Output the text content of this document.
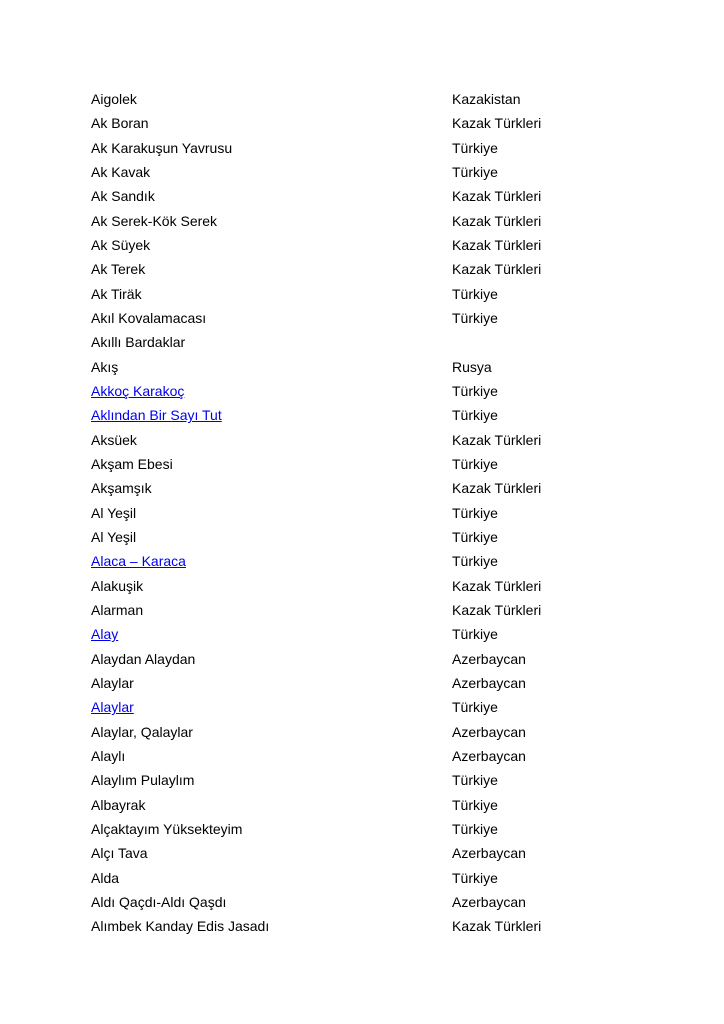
Aigolek	Kazakistan
Ak Boran	Kazak Türkleri
Ak Karakuşun Yavrusu	Türkiye
Ak Kavak	Türkiye
Ak Sandık	Kazak Türkleri
Ak Serek-Kök Serek	Kazak Türkleri
Ak Süyek	Kazak Türkleri
Ak Terek	Kazak Türkleri
Ak Tiräk	Türkiye
Akıl Kovalamacası	Türkiye
Akıllı Bardaklar
Akış	Rusya
Akkoç Karakoç	Türkiye
Aklından Bir Sayı Tut	Türkiye
Aksüek	Kazak Türkleri
Akşam Ebesi	Türkiye
Akşamşık	Kazak Türkleri
Al Yeşil	Türkiye
Al Yeşil	Türkiye
Alaca – Karaca	Türkiye
Alakuşik	Kazak Türkleri
Alarman	Kazak Türkleri
Alay	Türkiye
Alaydan Alaydan	Azerbaycan
Alaylar	Azerbaycan
Alaylar	Türkiye
Alaylar, Qalaylar	Azerbaycan
Alaylı	Azerbaycan
Alaylım Pulaylım	Türkiye
Albayrak	Türkiye
Alçaktayım Yüksekteyim	Türkiye
Alçı Tava	Azerbaycan
Alda	Türkiye
Aldı Qaçdı-Aldı Qaşdı	Azerbaycan
Alımbek Kanday Edis Jasadı	Kazak Türkleri
